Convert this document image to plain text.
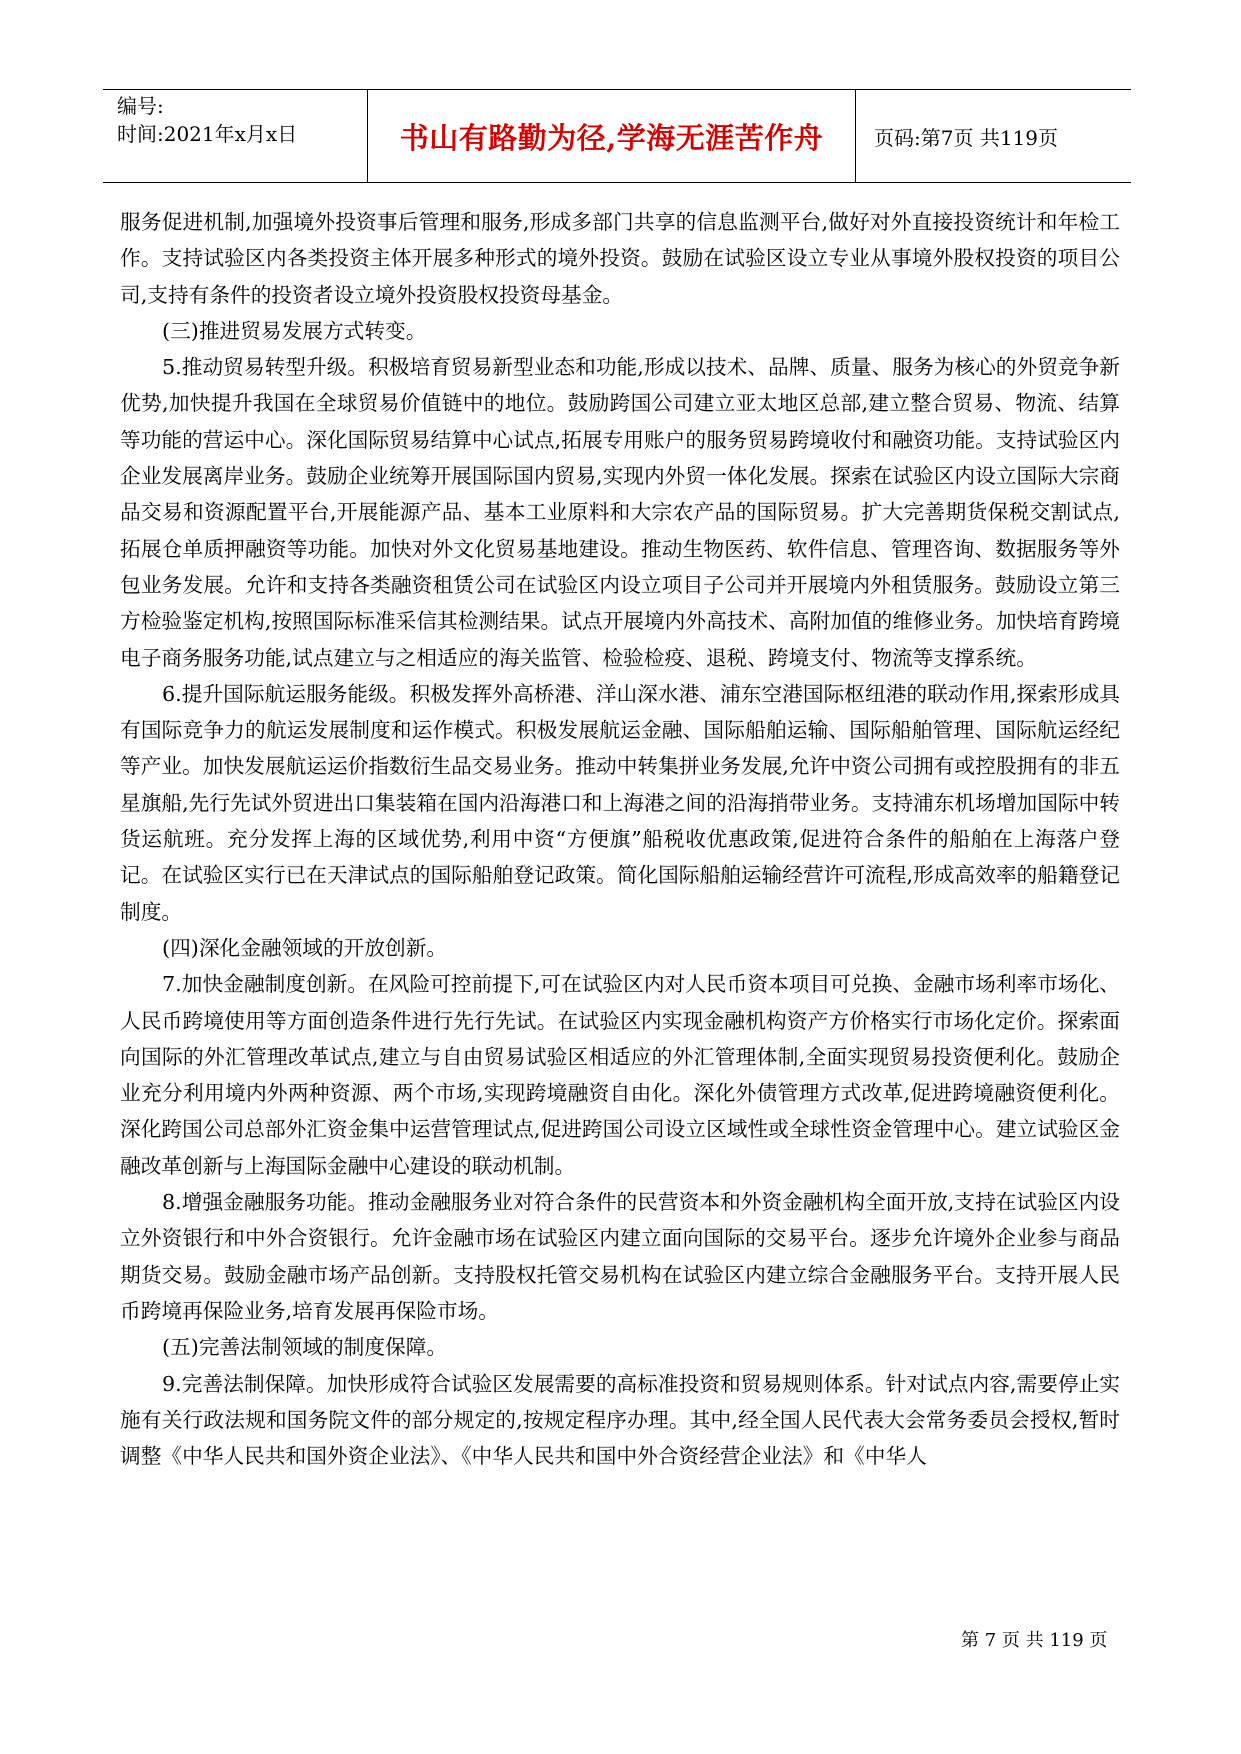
编号:
时间:2021年x月x日	书山有路勤为径,学海无涯苦作舟	页码:第7页 共119页

服务促进机制,加强境外投资事后管理和服务,形成多部门共享的信息监测平台,做好对外直接投资统计和年检工作。支持试验区内各类投资主体开展多种形式的境外投资。鼓励在试验区设立专业从事境外股权投资的项目公司,支持有条件的投资者设立境外投资股权投资母基金。

(三)推进贸易发展方式转变。

5.推动贸易转型升级。积极培育贸易新型业态和功能,形成以技术、品牌、质量、服务为核心的外贸竞争新优势,加快提升我国在全球贸易价值链中的地位。鼓励跨国公司建立亚太地区总部,建立整合贸易、物流、结算等功能的营运中心。深化国际贸易结算中心试点,拓展专用账户的服务贸易跨境收付和融资功能。支持试验区内企业发展离岸业务。鼓励企业统筹开展国际国内贸易,实现内外贸一体化发展。探索在试验区内设立国际大宗商品交易和资源配置平台,开展能源产品、基本工业原料和大宗农产品的国际贸易。扩大完善期货保税交割试点,拓展仓单质押融资等功能。加快对外文化贸易基地建设。推动生物医药、软件信息、管理咨询、数据服务等外包业务发展。允许和支持各类融资租赁公司在试验区内设立项目子公司并开展境内外租赁服务。鼓励设立第三方检验鉴定机构,按照国际标准采信其检测结果。试点开展境内外高技术、高附加值的维修业务。加快培育跨境电子商务服务功能,试点建立与之相适应的海关监管、检验检疫、退税、跨境支付、物流等支撑系统。

6.提升国际航运服务能级。积极发挥外高桥港、洋山深水港、浦东空港国际枢纽港的联动作用,探索形成具有国际竞争力的航运发展制度和运作模式。积极发展航运金融、国际船舶运输、国际船舶管理、国际航运经纪等产业。加快发展航运运价指数衍生品交易业务。推动中转集拼业务发展,允许中资公司拥有或控股拥有的非五星旗船,先行先试外贸进出口集装箱在国内沿海港口和上海港之间的沿海捎带业务。支持浦东机场增加国际中转货运航班。充分发挥上海的区域优势,利用中资“方便旗”船税收优惠政策,促进符合条件的船舶在上海落户登记。在试验区实行已在天津试点的国际船舶登记政策。简化国际船舶运输经营许可流程,形成高效率的船籍登记制度。

(四)深化金融领域的开放创新。

7.加快金融制度创新。在风险可控前提下,可在试验区内对人民币资本项目可兑换、金融市场利率市场化、人民币跨境使用等方面创造条件进行先行先试。在试验区内实现金融机构资产方价格实行市场化定价。探索面向国际的外汇管理改革试点,建立与自由贸易试验区相适应的外汇管理体制,全面实现贸易投资便利化。鼓励企业充分利用境内外两种资源、两个市场,实现跨境融资自由化。深化外债管理方式改革,促进跨境融资便利化。深化跨国公司总部外汇资金集中运营管理试点,促进跨国公司设立区域性或全球性资金管理中心。建立试验区金融改革创新与上海国际金融中心建设的联动机制。

8.增强金融服务功能。推动金融服务业对符合条件的民营资本和外资金融机构全面开放,支持在试验区内设立外资银行和中外合资银行。允许金融市场在试验区内建立面向国际的交易平台。逐步允许境外企业参与商品期货交易。鼓励金融市场产品创新。支持股权托管交易机构在试验区内建立综合金融服务平台。支持开展人民币跨境再保险业务,培育发展再保险市场。

(五)完善法制领域的制度保障。

9.完善法制保障。加快形成符合试验区发展需要的高标准投资和贸易规则体系。针对试点内容,需要停止实施有关行政法规和国务院文件的部分规定的,按规定程序办理。其中,经全国人民代表大会常务委员会授权,暂时调整《中华人民共和国外资企业法》、《中华人民共和国中外合资经营企业法》和《中华人

第 7 页 共 119 页
